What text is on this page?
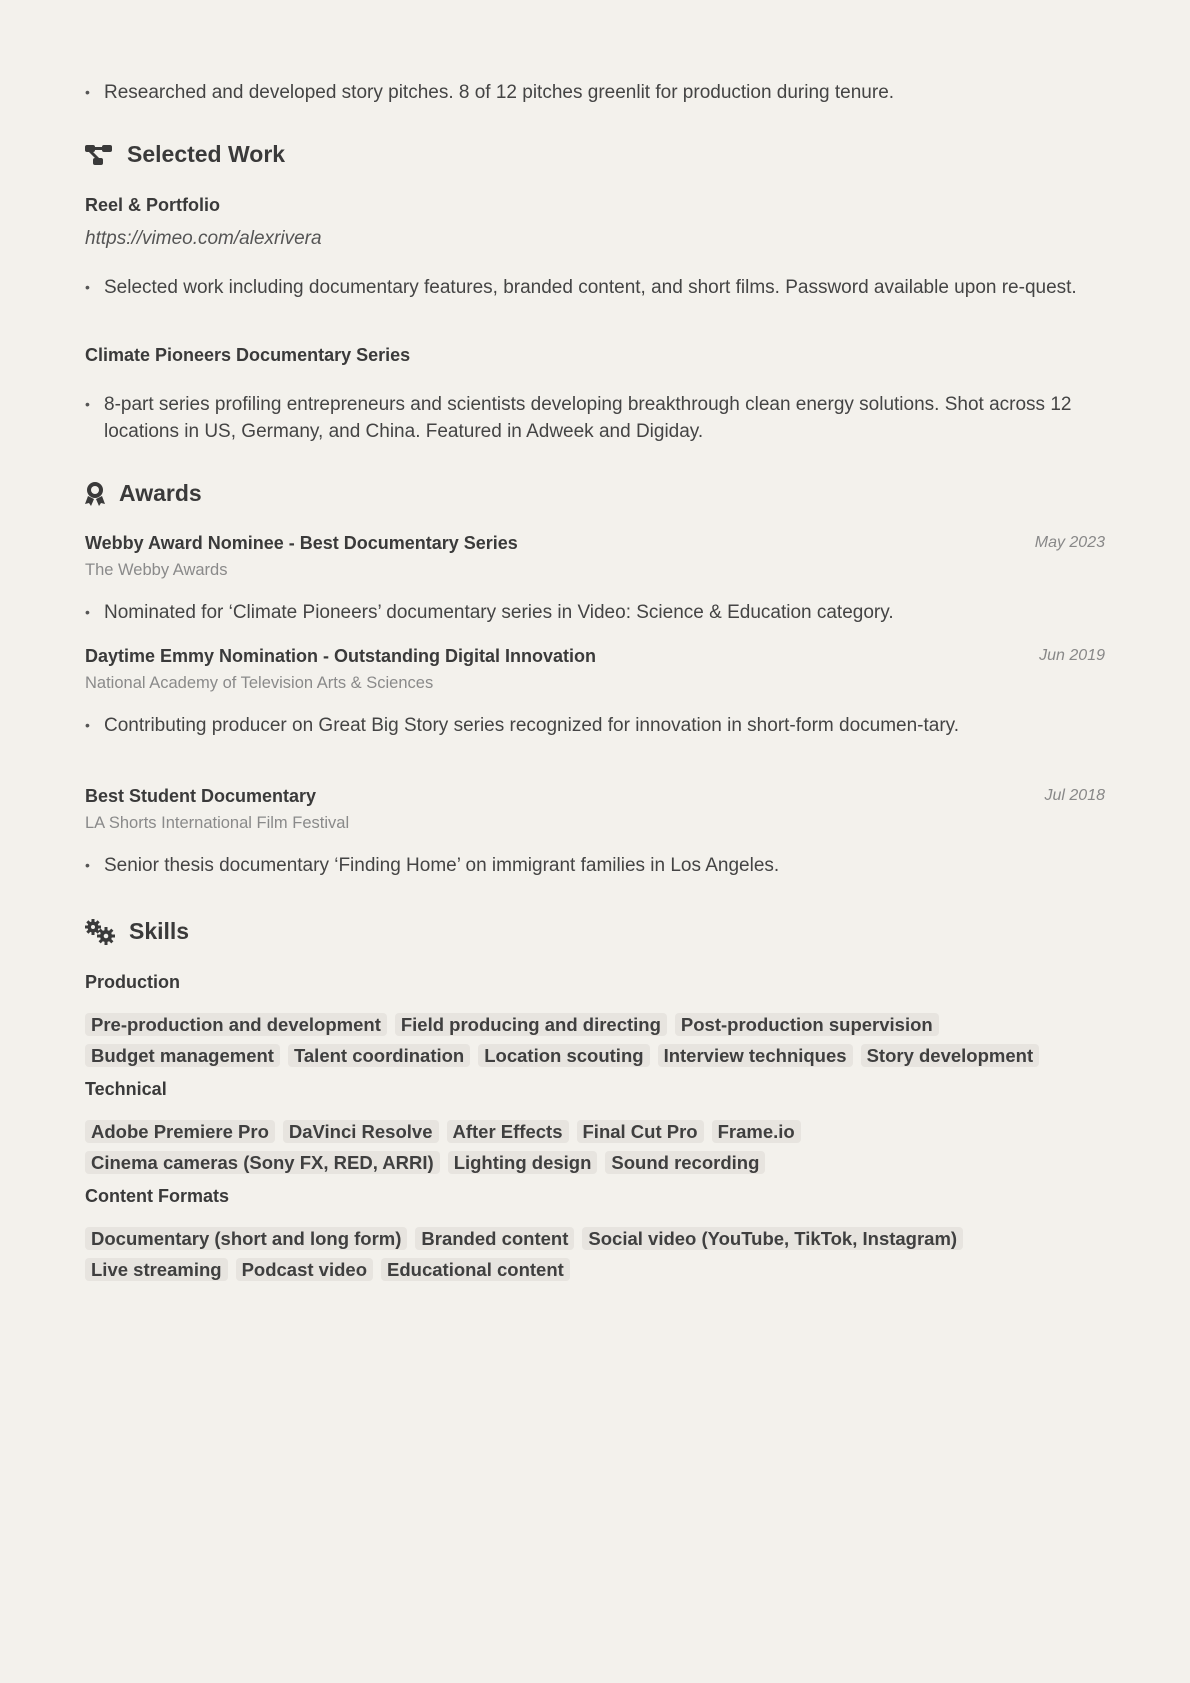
• Researched and developed story pitches. 8 of 12 pitches greenlit for production during tenure.
Selected Work
Reel & Portfolio
https://vimeo.com/alexrivera
• Selected work including documentary features, branded content, and short films. Password available upon re-quest.
Climate Pioneers Documentary Series
• 8-part series profiling entrepreneurs and scientists developing breakthrough clean energy solutions. Shot across 12 locations in US, Germany, and China. Featured in Adweek and Digiday.
Awards
Webby Award Nominee - Best Documentary Series	May 2023
The Webby Awards
• Nominated for ‘Climate Pioneers’ documentary series in Video: Science & Education category.
Daytime Emmy Nomination - Outstanding Digital Innovation	Jun 2019
National Academy of Television Arts & Sciences
• Contributing producer on Great Big Story series recognized for innovation in short-form documen-tary.
Best Student Documentary	Jul 2018
LA Shorts International Film Festival
• Senior thesis documentary ‘Finding Home’ on immigrant families in Los Angeles.
Skills
Production
Pre-production and development	Field producing and directing	Post-production supervision
Budget management	Talent coordination	Location scouting	Interview techniques	Story development
Technical
Adobe Premiere Pro	DaVinci Resolve	After Effects	Final Cut Pro	Frame.io
Cinema cameras (Sony FX, RED, ARRI)	Lighting design	Sound recording
Content Formats
Documentary (short and long form)	Branded content	Social video (YouTube, TikTok, Instagram)
Live streaming	Podcast video	Educational content
